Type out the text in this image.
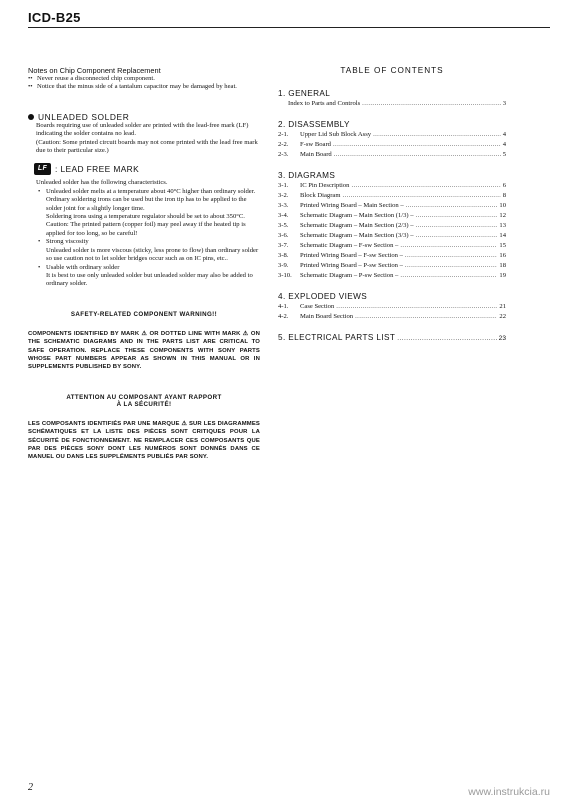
ICD-B25
Notes on Chip Component Replacement
•• Never reuse a disconnected chip component.
•• Notice that the minus side of a tantalum capacitor may be damaged by heat.
UNLEADED SOLDER
Boards requiring use of unleaded solder are printed with the lead-free mark (LF) indicating the solder contains no lead.
(Caution: Some printed circuit boards may not come printed with the lead free mark due to their particular size.)
LF : LEAD FREE MARK
Unleaded solder has the following characteristics.
• Unleaded solder melts at a temperature about 40°C higher than ordinary solder.

Ordinary soldering irons can be used but the iron tip has to be applied to the solder joint for a slightly longer time.

Soldering irons using a temperature regulator should be set to about 350°C.

Caution: The printed pattern (copper foil) may peel away if the heated tip is applied for too long, so be careful!

• Strong viscosity

Unleaded solder is more viscous (sticky, less prone to flow) than ordinary solder so use caution not to let solder bridges occur such as on IC pins, etc..

• Usable with ordinary solder

It is best to use only unleaded solder but unleaded solder may also be added to ordinary solder.

SAFETY-RELATED COMPONENT WARNING!!
COMPONENTS IDENTIFIED BY MARK ⚠ OR DOTTED LINE WITH MARK ⚠ ON THE SCHEMATIC DIAGRAMS AND IN THE PARTS LIST ARE CRITICAL TO SAFE OPERATION. REPLACE THESE COMPONENTS WITH SONY PARTS WHOSE PART NUMBERS APPEAR AS SHOWN IN THIS MANUAL OR IN SUPPLEMENTS PUBLISHED BY SONY.
ATTENTION AU COMPOSANT AYANT RAPPORT
À LA SÉCURITÉ!
LES COMPOSANTS IDENTIFIÉS PAR UNE MARQUE ⚠ SUR LES DIAGRAMMES SCHÉMATIQUES ET LA LISTE DES PIÈCES SONT CRITIQUES POUR LA SÉCURITÉ DE FONCTIONNEMENT. NE REMPLACER CES COMPOSANTS QUE PAR DES PIÈCES SONY DONT LES NUMÉROS SONT DONNÉS DANS CE MANUEL OU DANS LES SUPPLÉMENTS PUBLIÉS PAR SONY.
TABLE OF CONTENTS
1. GENERAL
Index to Parts and Controls .....	3
2. DISASSEMBLY
2-1.	Upper Lid Sub Block Assy .....	4
2-2.	F-sw Board .....	4
2-3.	Main Board .....	5
3. DIAGRAMS
3-1.	IC Pin Description .....	6
3-2.	Block Diagram .....	8
3-3.	Printed Wiring Board – Main Section – .....	10
3-4.	Schematic Diagram – Main Section (1/3) – .....	12
3-5.	Schematic Diagram – Main Section (2/3) – .....	13
3-6.	Schematic Diagram – Main Section (3/3) – .....	14
3-7.	Schematic Diagram – F-sw Section – .....	15
3-8.	Printed Wiring Board – F-sw Section – .....	16
3-9.	Printed Wiring Board – P-sw Section – .....	18
3-10.	Schematic Diagram – P-sw Section – .....	19
4. EXPLODED VIEWS
4-1.	Case Section .....	21
4-2.	Main Board Section .....	22
5. ELECTRICAL PARTS LIST .....	23
2	www.instrukcia.ru
